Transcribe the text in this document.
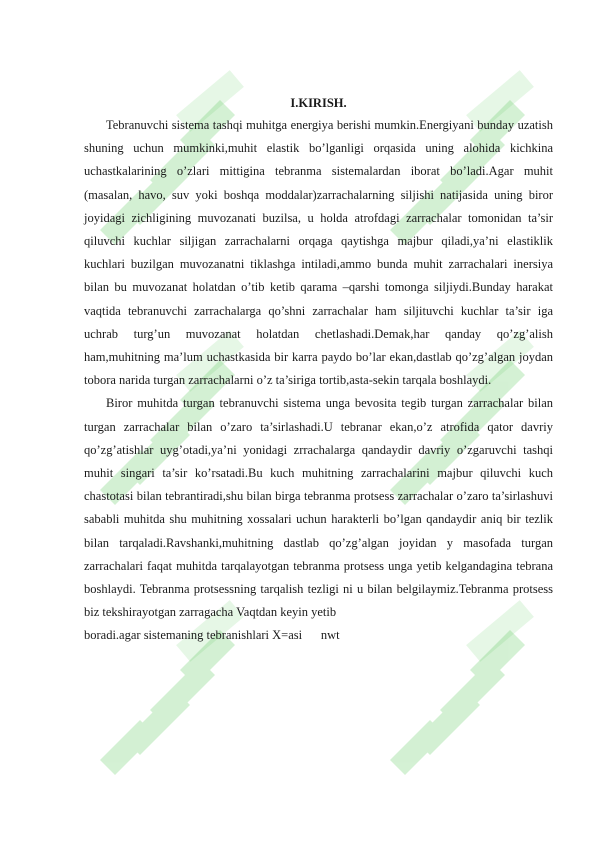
I.KIRISH.

Tebranuvchi sistema tashqi muhitga energiya berishi mumkin.Energiyani bunday uzatish shuning uchun mumkinki,muhit elastik bo’lganligi orqasida uning alohida kichkina uchastkalarining o’zlari mittigina tebranma sistemalardan iborat bo’ladi.Agar muhit (masalan, havo, suv yoki boshqa moddalar)zarrachalarning siljishi natijasida uning biror joyidagi zichligining muvozanati buzilsa, u holda atrofdagi zarrachalar tomonidan ta’sir qiluvchi kuchlar siljigan zarrachalarni orqaga qaytishga majbur qiladi,ya’ni elastiklik kuchlari buzilgan muvozanatni tiklashga intiladi,ammo bunda muhit zarrachalari inersiya bilan bu muvozanat holatdan o’tib ketib qarama –qarshi tomonga siljiydi.Bunday harakat vaqtida tebranuvchi zarrachalarga qo’shni zarrachalar ham siljituvchi kuchlar ta’sir iga uchrab turg’un muvozanat holatdan chetlashadi.Demak,har qanday qo’zg’alish ham,muhitning ma’lum uchastkasida bir karra paydo bo’lar ekan,dastlab qo’zg’algan joydan tobora narida turgan zarrachalarni o’z ta’siriga tortib,asta-sekin tarqala boshlaydi.

Biror muhitda turgan tebranuvchi sistema unga bevosita tegib turgan zarrachalar bilan turgan zarrachalar bilan o’zaro ta’sirlashadi.U tebranar ekan,o’z atrofida qator davriy qo’zg’atishlar uyg’otadi,ya’ni yonidagi zrrachalarga qandaydir davriy o’zgaruvchi tashqi muhit singari ta’sir ko’rsatadi.Bu kuch muhitning zarrachalarini majbur qiluvchi kuch chastotasi bilan tebrantiradi,shu bilan birga tebranma protsess zarrachalar o’zaro ta’sirlashuvi sababli muhitda shu muhitning xossalari uchun harakterli bo’lgan qandaydir aniq bir tezlik bilan tarqaladi.Ravshanki,muhitning dastlab qo’zg’algan joyidan y masofada turgan zarrachalari faqat muhitda tarqalayotgan tebranma protsess unga yetib kelgandagina tebrana boshlaydi. Tebranma protsessning tarqalish tezligi ni u bilan belgilaymiz.Tebranma protsess biz tekshirayotgan zarragacha Vaqtdan keyin yetib

boradi.agar sistemaning tebranishlari X=asi      nwt
